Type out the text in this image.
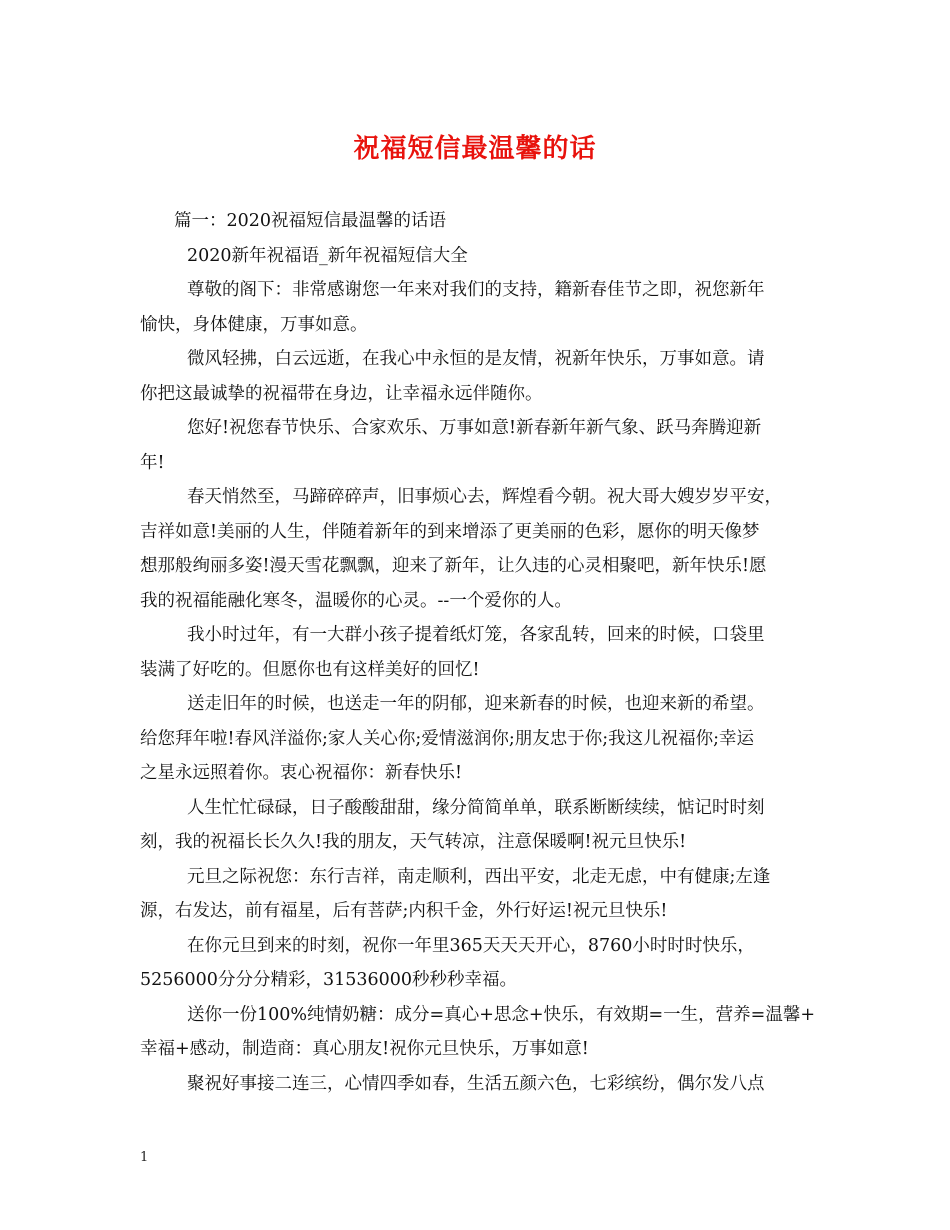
祝福短信最温馨的话
篇一：2020祝福短信最温馨的话语
2020新年祝福语_新年祝福短信大全
尊敬的阁下：非常感谢您一年来对我们的支持，籍新春佳节之即，祝您新年
愉快，身体健康，万事如意。
微风轻拂，白云远逝，在我心中永恒的是友情，祝新年快乐，万事如意。请
你把这最诚挚的祝福带在身边，让幸福永远伴随你。
您好!祝您春节快乐、合家欢乐、万事如意!新春新年新气象、跃马奔腾迎新
年!
春天悄然至，马蹄碎碎声，旧事烦心去，辉煌看今朝。祝大哥大嫂岁岁平安，
吉祥如意!美丽的人生，伴随着新年的到来增添了更美丽的色彩，愿你的明天像梦
想那般绚丽多姿!漫天雪花飘飘，迎来了新年，让久违的心灵相聚吧，新年快乐!愿
我的祝福能融化寒冬，温暖你的心灵。--一个爱你的人。
我小时过年，有一大群小孩子提着纸灯笼，各家乱转，回来的时候，口袋里
装满了好吃的。但愿你也有这样美好的回忆!
送走旧年的时候，也送走一年的阴郁，迎来新春的时候，也迎来新的希望。
给您拜年啦!春风洋溢你;家人关心你;爱情滋润你;朋友忠于你;我这儿祝福你;幸运
之星永远照着你。衷心祝福你：新春快乐!
人生忙忙碌碌，日子酸酸甜甜，缘分简简单单，联系断断续续，惦记时时刻
刻，我的祝福长长久久!我的朋友，天气转凉，注意保暖啊!祝元旦快乐!
元旦之际祝您：东行吉祥，南走顺利，西出平安，北走无虑，中有健康;左逢
源，右发达，前有福星，后有菩萨;内积千金，外行好运!祝元旦快乐!
在你元旦到来的时刻，祝你一年里365天天天开心，8760小时时时快乐，
5256000分分分精彩，31536000秒秒秒幸福。
送你一份100%纯情奶糖：成分=真心+思念+快乐，有效期=一生，营养=温馨+
幸福+感动，制造商：真心朋友!祝你元旦快乐，万事如意!
聚祝好事接二连三，心情四季如春，生活五颜六色，七彩缤纷，偶尔发八点
1
